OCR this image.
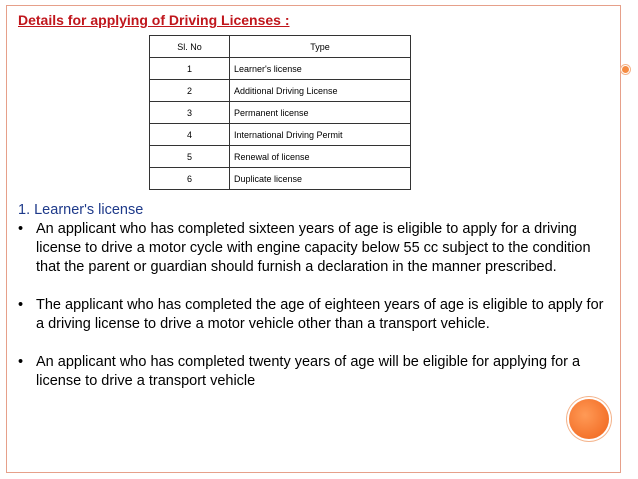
Details for applying of Driving Licenses :
Sl. No	Type
1	Learner's license
2	Additional Driving License
3	Permanent license
4	International Driving Permit
5	Renewal of license
6	Duplicate license
1. Learner's license
• An applicant who has completed sixteen years of age is eligible to apply for a driving license to drive a motor cycle with engine capacity below 55 cc subject to the condition that the parent or guardian should furnish a declaration in the manner prescribed.
• The applicant who has completed the age of eighteen years of age is eligible to apply for a driving license to drive a motor vehicle other than a transport vehicle.
• An applicant who has completed twenty years of age will be eligible for applying for a license to drive a transport vehicle
